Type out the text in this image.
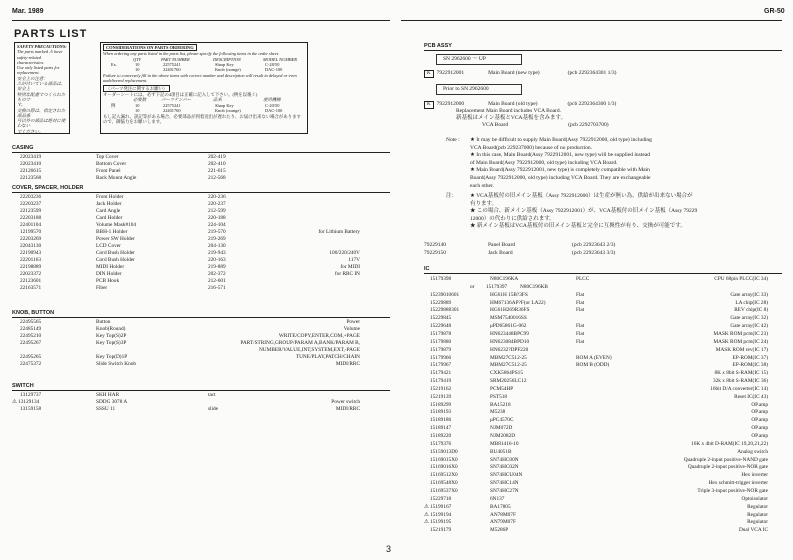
Mar. 1989	GR-50
PARTS LIST
SAFETY PRECAUTIONS:
The parts marked ⚠ have
safety-related characteristics.
Use only listed parts for
replacement.
安全上の注意：
⚠が付いている部品は、安全上
特別な配慮でつくられたもので
す。
交換の際は、指定された部品番
号以外の部品は絶対に使わない
でください。
CONSIDERATIONS ON PARTS ORDERING
When ordering any parts listed in the parts list, please specify the following items in the order sheet.
QTY	PART NUMBER	DESCRIPTION	MODEL NUMBER
Ex.	10	22575241	Sharp Key	C-28/50
10	22401760	Knob (orange)	DAC-100
Failure to conversely fill in the above items with correct number and description will result in delayed or even undelivered replacement.
〈パーツ発注に関するお願い〉
オーダーシートには、必ず下記の4項目は正確に記入して下さい。(例を以後く)
必要数	パーツナンバー	品名	使用機種
例	10	22575241	Sharp Key	C-20/50
10	22401760	Knob (orange)	DAC-100
もし記入漏れ、誤記等がある場合、必要部品が到着送出が遅れたり、お届け出来ない場合がありますので、御協力をお願いします。
CASING
22023419	Top Cover	202-419
22023410	Bottom Cover	202-410
22126615	Front Panel	221-615
22123568	Rack Mount Angle	212-568
COVER, SPACER, HOLDER
22203236	Front Holder	220-236
22203237	Jack Holder	220-237
22123599	Card Angle	212-599
22203188	Card Holder	220-188
22401104	Volume Mask#104	224-104
12199570	BBH-1 Holder	219-570	for Lithium Battery
22203269	Power SW Holder	219-269
22043130	LCD Cover	204-130
22190943	Cord Bush Holder	219-943	100/220/240V
22201163	Cord Bush Holder	220-163	117V
22198889	MIDI Holder	219-889	for MIDI
22023372	DIN Holder	202-372	for RRC IN
22123601	PCB Hook	212-601
22163571	Fiber	216-571
KNOB, BUTTON
22495565	Button	Power
22485149	Knob(Round)	Volume
22495210	Key Top(S)2P	WRITE/COPY,ENTER,COM,+PAGE
22495267	Key Top(S)3P	PART/STRING,GROUP/PARAM A,BANK/PARAM B,
NUMBER/VALUE,INT,SYSTEM,EXT,-PAGE
22495265	Key Top(D)1P	TUNE/PLAY,PATCH/CHAIN
22475372	Slide Switch Knob	MIDI/RRC
SWITCH
13129737	SKH HAR	tact
⚠ 13129134	SDDG 3078 A	Power switch
13159158	SSSU 11	slide	MIDI/RRC
PCB ASSY
SN 2962600 ～ UP
K 7922912001	Main Board (new type)	(pcb 2292364301 1/3)
Prior to SN 2962600
K 7922912000	Main Board (old type)	(pcb 2292364300 1/3)
Replacement Main Board includes VCA Board.
新基板はメイン基板とVCA基板を含みます。
VCA Board	(pcb 2292703700)
Note : ★ It may be difficult to supply Main Board(Assy 7922912000, old type) including
VCA Board(pcb 229237000) because of no production.
★ In this case, Main Board(Assy 7922912001, new type) will be supplied instead
of Main Board(Assy 7922912000, old type) including VCA Board.
★ Main Board(Assy 7922912001, new type) is completely compatible with Main
Board(Assy 7922912000, old type) including VCA Board. They are exchangeable
each other.
注： ★ VCA基板付の旧メイン基板（Assy 7922912000）は生産が無い為、供給が出来ない場合が
有ります。
★ この場合、新メイン基板（Assy 7922912001）が、VCA基板付の旧メイン基板（Assy 79229
12000）の代わりに供給されます。
★ 新メイン基板はVCA基板付の旧メイン基板と完全に互換性が有り、交換が可能です。
79229140	Panel Board	(pcb 22923643 2/3)
79229150	Jack Board	(pcb 22923643 3/3)
IC
15179398	N80C196KA	PLCC	CPU 68pin PLCC(IC 34)
or 15179397 N80C196KB
15239010601	HG61H 15B?3FS	Flat	Gate array(IC 33)
15229889	HM67136AP?F(or LA22)	Flat	LA chip(IC 28)
15229888301	HG61H269R36FS	Flat	REV chip(IC 8)
15229845	MSM7540016SS	Gate array(IC 32)
15229648	μPD65861G-062	Flat	Gate array(IC 42)
15179878	HN623448BPC99	Flat	MASK ROM pcm(IC 23)
15179880	HN623084BPD10	Flat	MASK ROM pcm(IC 24)
15179879	HN6232?DPF220	MASK ROM rev(IC 17)
15179966	MBM27C512-25	ROM A (EVEN)	EP-ROM(IC 37)
15179967	MBM27C512-25	ROM B (ODD)	EP-ROM(IC 38)
15179421	CXK5864PS15	8K x 8bit S-RAM(IC 15)
15179419	SRM20256LC12	32k x 8bit S-RAM(IC 36)
15219162	PCM54HP	16bit D/A converter(IC 14)
15219139	PST518	Reset IC(IC 43)
15189299	BA15218	OP.amp
15189193	M5238	OP.amp
15189186	μPC4570C	OP.amp
15189147	NJM072D	OP.amp
15189220	NJM2082D	OP.amp
15179376	MB81416-10	16K x 4bit D-RAM(IC 19,20,21,22)
15159013D0	BU4051B	Analog switch
15169015X0	SN74HC00N	Quadruple 2-input positive-NAND gate
15169016X0	SN74HC02N	Quadruple 2-input positive-NOR gate
15169512X0	SN74HCU04N	Hex inverter
15169548X0	SN74HC14N	Hex schmitt-trigger inverter
15169537X0	SN74HC27N	Triple 3-input positive-NOR gate
15229718	6N137	Optoisolator
⚠ 15199167	BA17805	Regulator
⚠ 15199194	AN78M07F	Regulator
⚠ 15199195	AN79M07F	Regulator
15219179	M5286P	Dual VCA IC
3
